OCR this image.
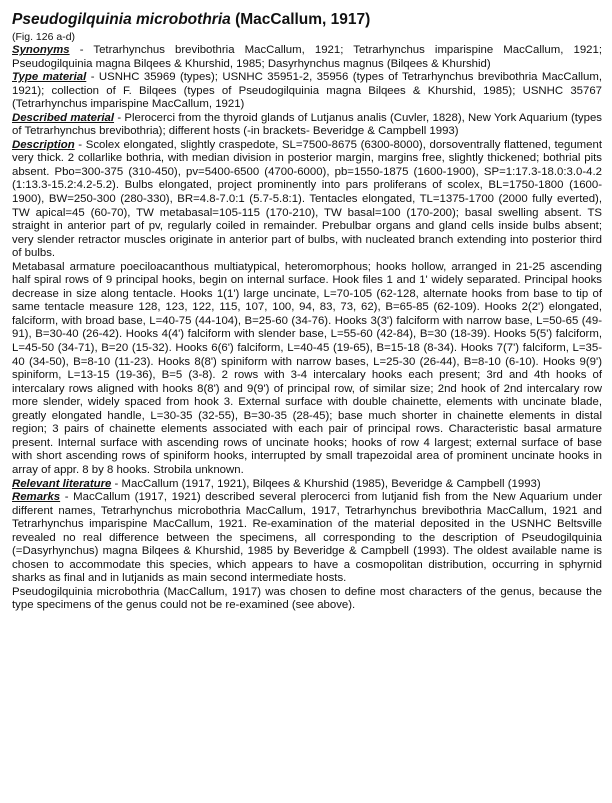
Pseudogilquinia microbothria (MacCallum, 1917)
(Fig. 126 a-d)

Synonyms - Tetrarhynchus brevibothria MacCallum, 1921; Tetrarhynchus imparispine MacCallum, 1921; Pseudogilquinia magna Bilqees & Khurshid, 1985; Dasyrhynchus magnus (Bilqees & Khurshid)

Type material - USNHC 35969 (types); USNHC 35951-2, 35956 (types of Tetrarhynchus brevibothria MacCallum, 1921); collection of F. Bilqees (types of Pseudogilquinia magna Bilqees & Khurshid, 1985); USNHC 35767 (Tetrarhynchus imparispine MacCallum, 1921)

Described material - Plerocerci from the thyroid glands of Lutjanus analis (Cuvler, 1828), New York Aquarium (types of Tetrarhynchus brevibothria); different hosts (-in brackets- Beveridge & Campbell 1993)

Description - Scolex elongated, slightly craspedote, SL=7500-8675 (6300-8000), dorsoventrally flattened, tegument very thick. 2 collarlike bothria, with median division in posterior margin, margins free, slightly thickened; bothrial pits absent. Pbo=300-375 (310-450), pv=5400-6500 (4700-6000), pb=1550-1875 (1600-1900), SP=1:17.3-18.0:3.0-4.2 (1:13.3-15.2:4.2-5.2). Bulbs elongated, project prominently into pars proliferans of scolex, BL=1750-1800 (1600-1900), BW=250-300 (280-330), BR=4.8-7.0:1 (5.7-5.8:1). Tentacles elongated, TL=1375-1700 (2000 fully everted), TW apical=45 (60-70), TW metabasal=105-115 (170-210), TW basal=100 (170-200); basal swelling absent. TS straight in anterior part of pv, regularly coiled in remainder. Prebulbar organs and gland cells inside bulbs absent; very slender retractor muscles originate in anterior part of bulbs, with nucleated branch extending into posterior third of bulbs.

Metabasal armature poeciloacanthous multiatypical, heteromorphous; hooks hollow, arranged in 21-25 ascending half spiral rows of 9 principal hooks, begin on internal surface. Hook files 1 and 1' widely separated. Principal hooks decrease in size along tentacle. Hooks 1(1') large uncinate, L=70-105 (62-128, alternate hooks from base to tip of same tentacle measure 128, 123, 122, 115, 107, 100, 94, 83, 73, 62), B=65-85 (62-109). Hooks 2(2') elongated, falciform, with broad base, L=40-75 (44-104), B=25-60 (34-76). Hooks 3(3') falciform with narrow base, L=50-65 (49-91), B=30-40 (26-42). Hooks 4(4') falciform with slender base, L=55-60 (42-84), B=30 (18-39). Hooks 5(5') falciform, L=45-50 (34-71), B=20 (15-32). Hooks 6(6') falciform, L=40-45 (19-65), B=15-18 (8-34). Hooks 7(7') falciform, L=35-40 (34-50), B=8-10 (11-23). Hooks 8(8') spiniform with narrow bases, L=25-30 (26-44), B=8-10 (6-10). Hooks 9(9') spiniform, L=13-15 (19-36), B=5 (3-8). 2 rows with 3-4 intercalary hooks each present; 3rd and 4th hooks of intercalary rows aligned with hooks 8(8') and 9(9') of principal row, of similar size; 2nd hook of 2nd intercalary row more slender, widely spaced from hook 3. External surface with double chainette, elements with uncinate blade, greatly elongated handle, L=30-35 (32-55), B=30-35 (28-45); base much shorter in chainette elements in distal region; 3 pairs of chainette elements associated with each pair of principal rows. Characteristic basal armature present. Internal surface with ascending rows of uncinate hooks; hooks of row 4 largest; external surface of base with short ascending rows of spiniform hooks, interrupted by small trapezoidal area of prominent uncinate hooks in array of appr. 8 by 8 hooks. Strobila unknown.

Relevant literature - MacCallum (1917, 1921), Bilqees & Khurshid (1985), Beveridge & Campbell (1993)

Remarks - MacCallum (1917, 1921) described several plerocerci from lutjanid fish from the New Aquarium under different names, Tetrarhynchus microbothria MacCallum, 1917, Tetrarhynchus brevibothria MacCallum, 1921 and Tetrarhynchus imparispine MacCallum, 1921. Re-examination of the material deposited in the USNHC Beltsville revealed no real difference between the specimens, all corresponding to the description of Pseudogilquinia (=Dasyrhynchus) magna Bilqees & Khurshid, 1985 by Beveridge & Campbell (1993). The oldest available name is chosen to accommodate this species, which appears to have a cosmopolitan distribution, occurring in sphyrnid sharks as final and in lutjanids as main second intermediate hosts.

Pseudogilquinia microbothria (MacCallum, 1917) was chosen to define most characters of the genus, because the type specimens of the genus could not be re-examined (see above).
